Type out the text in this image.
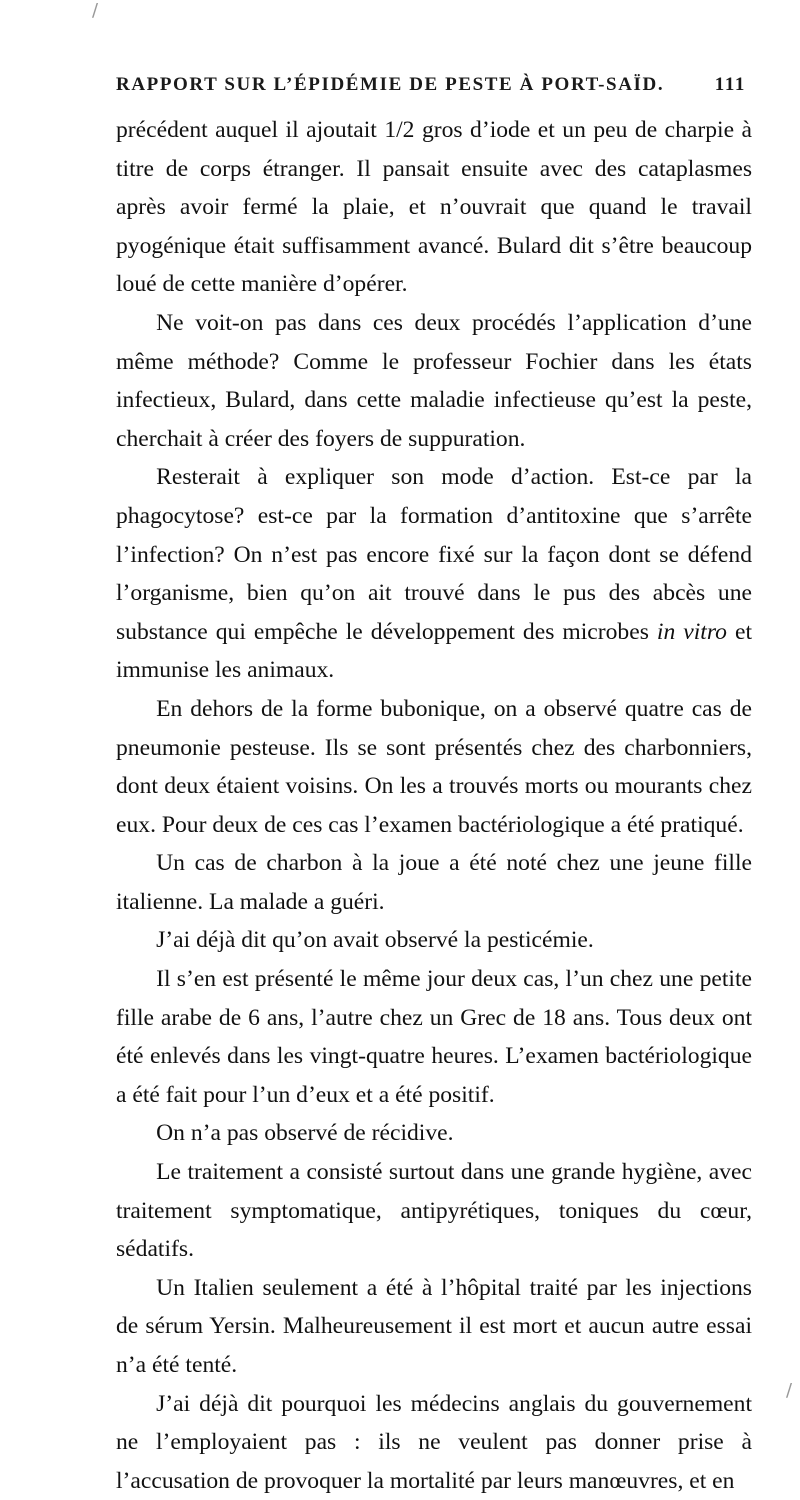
/
/
RAPPORT SUR L’ÉPIDÉMIE DE PESTE À PORT-SAÏD.	111

précédent auquel il ajoutait 1/2 gros d’iode et un peu de charpie à titre de corps étranger. Il pansait ensuite avec des cataplasmes après avoir fermé la plaie, et n’ouvrait que quand le travail pyogénique était suffisamment avancé. Bulard dit s’être beaucoup loué de cette manière d’opérer.

Ne voit-on pas dans ces deux procédés l’application d’une même méthode? Comme le professeur Fochier dans les états infectieux, Bulard, dans cette maladie infectieuse qu’est la peste, cherchait à créer des foyers de suppuration.

Resterait à expliquer son mode d’action. Est-ce par la phagocytose? est-ce par la formation d’antitoxine que s’arrête l’infection? On n’est pas encore fixé sur la façon dont se défend l’organisme, bien qu’on ait trouvé dans le pus des abcès une substance qui empêche le développement des microbes in vitro et immunise les animaux.

En dehors de la forme bubonique, on a observé quatre cas de pneumonie pesteuse. Ils se sont présentés chez des charbonniers, dont deux étaient voisins. On les a trouvés morts ou mourants chez eux. Pour deux de ces cas l’examen bactériologique a été pratiqué.

Un cas de charbon à la joue a été noté chez une jeune fille italienne. La malade a guéri.

J’ai déjà dit qu’on avait observé la pesticémie.

Il s’en est présenté le même jour deux cas, l’un chez une petite fille arabe de 6 ans, l’autre chez un Grec de 18 ans. Tous deux ont été enlevés dans les vingt-quatre heures. L’examen bactériologique a été fait pour l’un d’eux et a été positif.

On n’a pas observé de récidive.

Le traitement a consisté surtout dans une grande hygiène, avec traitement symptomatique, antipyrétiques, toniques du cœur, sédatifs.

Un Italien seulement a été à l’hôpital traité par les injections de sérum Yersin. Malheureusement il est mort et aucun autre essai n’a été tenté.

J’ai déjà dit pourquoi les médecins anglais du gouvernement ne l’employaient pas : ils ne veulent pas donner prise à l’accusation de provoquer la mortalité par leurs manœuvres, et en
